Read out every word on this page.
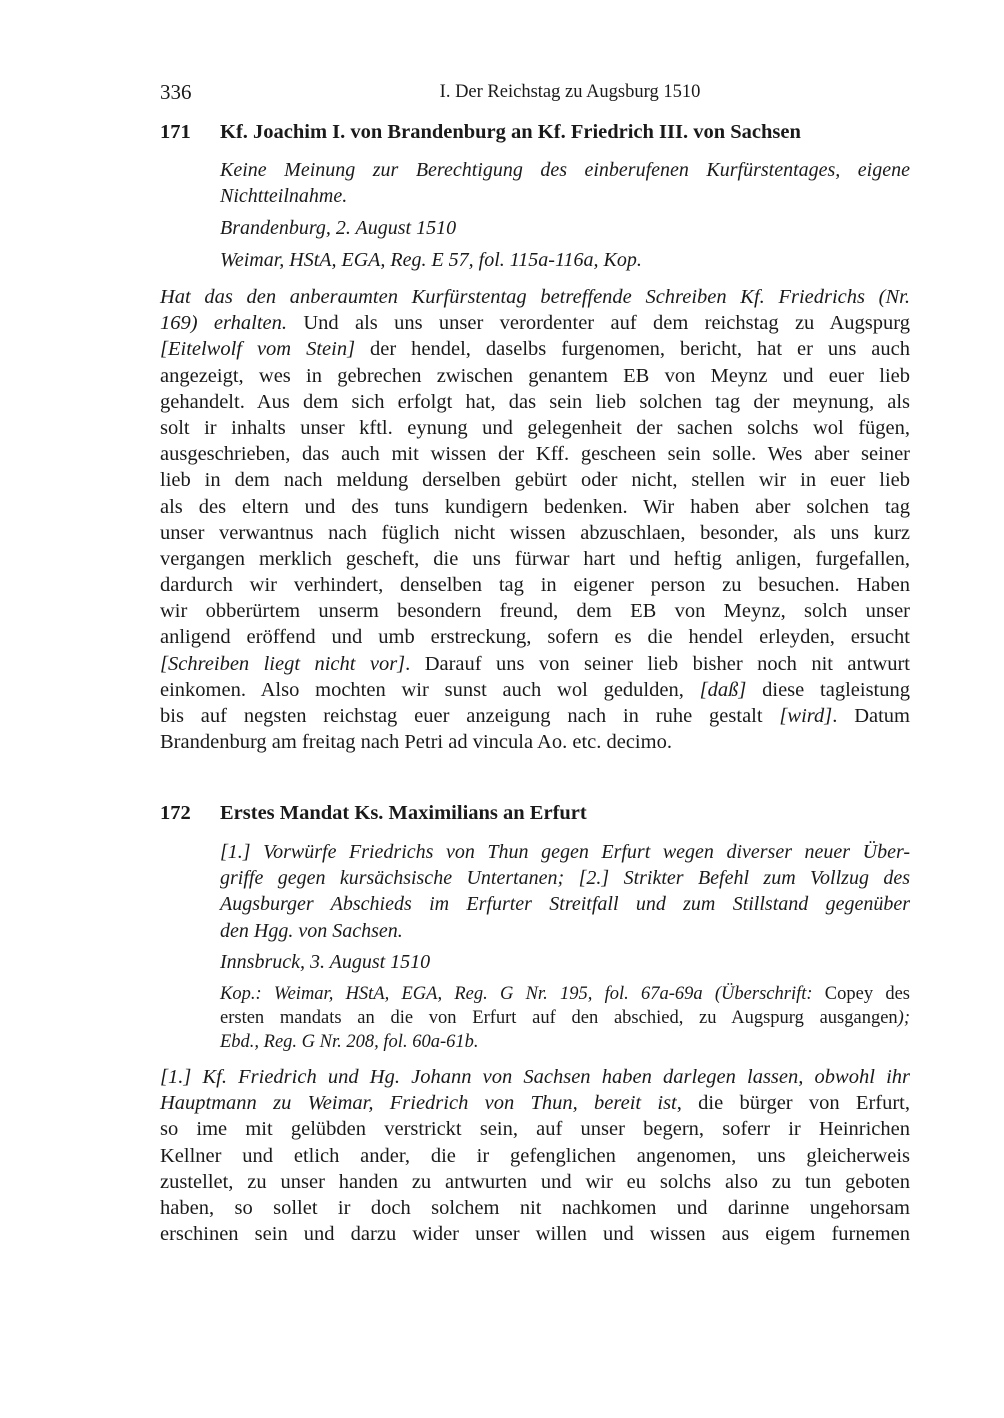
336	I. Der Reichstag zu Augsburg 1510
171 Kf. Joachim I. von Brandenburg an Kf. Friedrich III. von Sachsen
Keine Meinung zur Berechtigung des einberufenen Kurfürstentages, eigene
Nichtteilnahme.
Brandenburg, 2. August 1510
Weimar, HStA, EGA, Reg. E 57, fol. 115a-116a, Kop.
Hat das den anberaumten Kurfürstentag betreffende Schreiben Kf. Friedrichs (Nr.
169) erhalten. Und als uns unser verordenter auf dem reichstag zu Augspurg
[Eitelwolf vom Stein] der hendel, daselbs furgenomen, bericht, hat er uns auch
angezeigt, wes in gebrechen zwischen genantem EB von Meynz und euer lieb
gehandelt. Aus dem sich erfolgt hat, das sein lieb solchen tag der meynung, als
solt ir inhalts unser kftl. eynung und gelegenheit der sachen solchs wol fügen,
ausgeschrieben, das auch mit wissen der Kff. gescheen sein solle. Wes aber seiner
lieb in dem nach meldung derselben gebürt oder nicht, stellen wir in euer lieb
als des eltern und des tuns kundigern bedenken. Wir haben aber solchen tag
unser verwantnus nach füglich nicht wissen abzuschlaen, besonder, als uns kurz
vergangen merklich gescheft, die uns fürwar hart und heftig anligen, furgefallen,
dardurch wir verhindert, denselben tag in eigener person zu besuchen. Haben
wir obberürtem unserm besondern freund, dem EB von Meynz, solch unser
anligend eröffend und umb erstreckung, sofern es die hendel erleyden, ersucht
[Schreiben liegt nicht vor]. Darauf uns von seiner lieb bisher noch nit antwurt
einkomen. Also mochten wir sunst auch wol gedulden, [daß] diese tagleistung
bis auf negsten reichstag euer anzeigung nach in ruhe gestalt [wird]. Datum
Brandenburg am freitag nach Petri ad vincula Ao. etc. decimo.
172 Erstes Mandat Ks. Maximilians an Erfurt
[1.] Vorwürfe Friedrichs von Thun gegen Erfurt wegen diverser neuer Über-
griffe gegen kursächsische Untertanen; [2.] Strikter Befehl zum Vollzug des
Augsburger Abschieds im Erfurter Streitfall und zum Stillstand gegenüber
den Hgg. von Sachsen.
Innsbruck, 3. August 1510
Kop.: Weimar, HStA, EGA, Reg. G Nr. 195, fol. 67a-69a (Überschrift: Copey des
ersten mandats an die von Erfurt auf den abschied, zu Augspurg ausgangen);
Ebd., Reg. G Nr. 208, fol. 60a-61b.
[1.] Kf. Friedrich und Hg. Johann von Sachsen haben darlegen lassen, obwohl ihr
Hauptmann zu Weimar, Friedrich von Thun, bereit ist, die bürger von Erfurt,
so ime mit gelübden verstrickt sein, auf unser begern, soferr ir Heinrichen
Kellner und etlich ander, die ir gefenglichen angenomen, uns gleicherweis
zustellet, zu unser handen zu antwurten und wir eu solchs also zu tun geboten
haben, so sollet ir doch solchem nit nachkomen und darinne ungehorsam
erschinen sein und darzu wider unser willen und wissen aus eigem furnemen
